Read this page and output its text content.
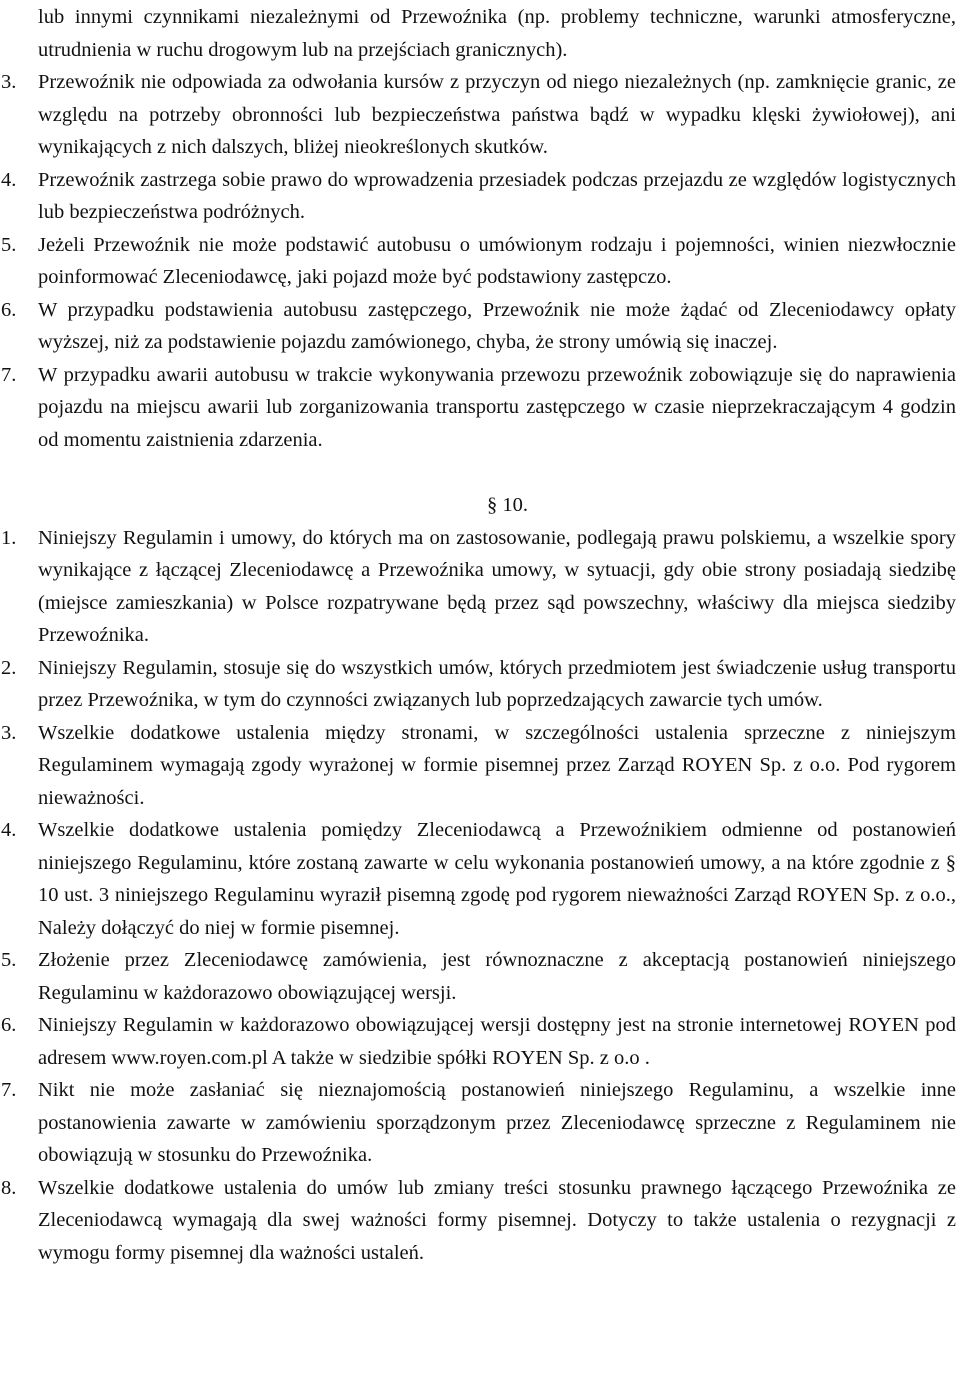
lub innymi czynnikami niezależnymi od Przewoźnika (np. problemy techniczne, warunki atmosferyczne, utrudnienia w ruchu drogowym lub na przejściach granicznych).

3. Przewoźnik nie odpowiada za odwołania kursów z przyczyn od niego niezależnych (np. zamknięcie granic, ze względu na potrzeby obronności lub bezpieczeństwa państwa bądź w wypadku klęski żywiołowej), ani wynikających z nich dalszych, bliżej nieokreślonych skutków.
4. Przewoźnik zastrzega sobie prawo do wprowadzenia przesiadek podczas przejazdu ze względów logistycznych lub bezpieczeństwa podróżnych.
5. Jeżeli Przewoźnik nie może podstawić autobusu o umówionym rodzaju i pojemności, winien niezwłocznie poinformować Zleceniodawcę, jaki pojazd może być podstawiony zastępczo.
6. W przypadku podstawienia autobusu zastępczego, Przewoźnik nie może żądać od Zleceniodawcy opłaty wyższej, niż za podstawienie pojazdu zamówionego, chyba, że strony umówią się inaczej.
7. W przypadku awarii autobusu w trakcie wykonywania przewozu przewoźnik zobowiązuje się do naprawienia pojazdu na miejscu awarii lub zorganizowania transportu zastępczego w czasie nieprzekraczającym 4 godzin od momentu zaistnienia zdarzenia.

§ 10.

1. Niniejszy Regulamin i umowy, do których ma on zastosowanie, podlegają prawu polskiemu, a wszelkie spory wynikające z łączącej Zleceniodawcę a Przewoźnika umowy, w sytuacji, gdy obie strony posiadają siedzibę (miejsce zamieszkania) w Polsce rozpatrywane będą przez sąd powszechny, właściwy dla miejsca siedziby Przewoźnika.
2. Niniejszy Regulamin, stosuje się do wszystkich umów, których przedmiotem jest świadczenie usług transportu przez Przewoźnika, w tym do czynności związanych lub poprzedzających zawarcie tych umów.
3. Wszelkie dodatkowe ustalenia między stronami, w szczególności ustalenia sprzeczne z niniejszym Regulaminem wymagają zgody wyrażonej w formie pisemnej przez Zarząd ROYEN Sp. z o.o. Pod rygorem nieważności.
4. Wszelkie dodatkowe ustalenia pomiędzy Zleceniodawcą a Przewoźnikiem odmienne od postanowień niniejszego Regulaminu, które zostaną zawarte w celu wykonania postanowień umowy, a na które zgodnie z § 10 ust. 3 niniejszego Regulaminu wyraził pisemną zgodę pod rygorem nieważności Zarząd ROYEN Sp. z o.o., Należy dołączyć do niej w formie pisemnej.
5. Złożenie przez Zleceniodawcę zamówienia, jest równoznaczne z akceptacją postanowień niniejszego Regulaminu w każdorazowo obowiązującej wersji.
6. Niniejszy Regulamin w każdorazowo obowiązującej wersji dostępny jest na stronie internetowej ROYEN pod adresem www.royen.com.pl A także w siedzibie spółki ROYEN Sp. z o.o .
7. Nikt nie może zasłaniać się nieznajomością postanowień niniejszego Regulaminu, a wszelkie inne postanowienia zawarte w zamówieniu sporządzonym przez Zleceniodawcę sprzeczne z Regulaminem nie obowiązują w stosunku do Przewoźnika.
8. Wszelkie dodatkowe ustalenia do umów lub zmiany treści stosunku prawnego łączącego Przewoźnika ze Zleceniodawcą wymagają dla swej ważności formy pisemnej. Dotyczy to także ustalenia o rezygnacji z wymogu formy pisemnej dla ważności ustaleń.
